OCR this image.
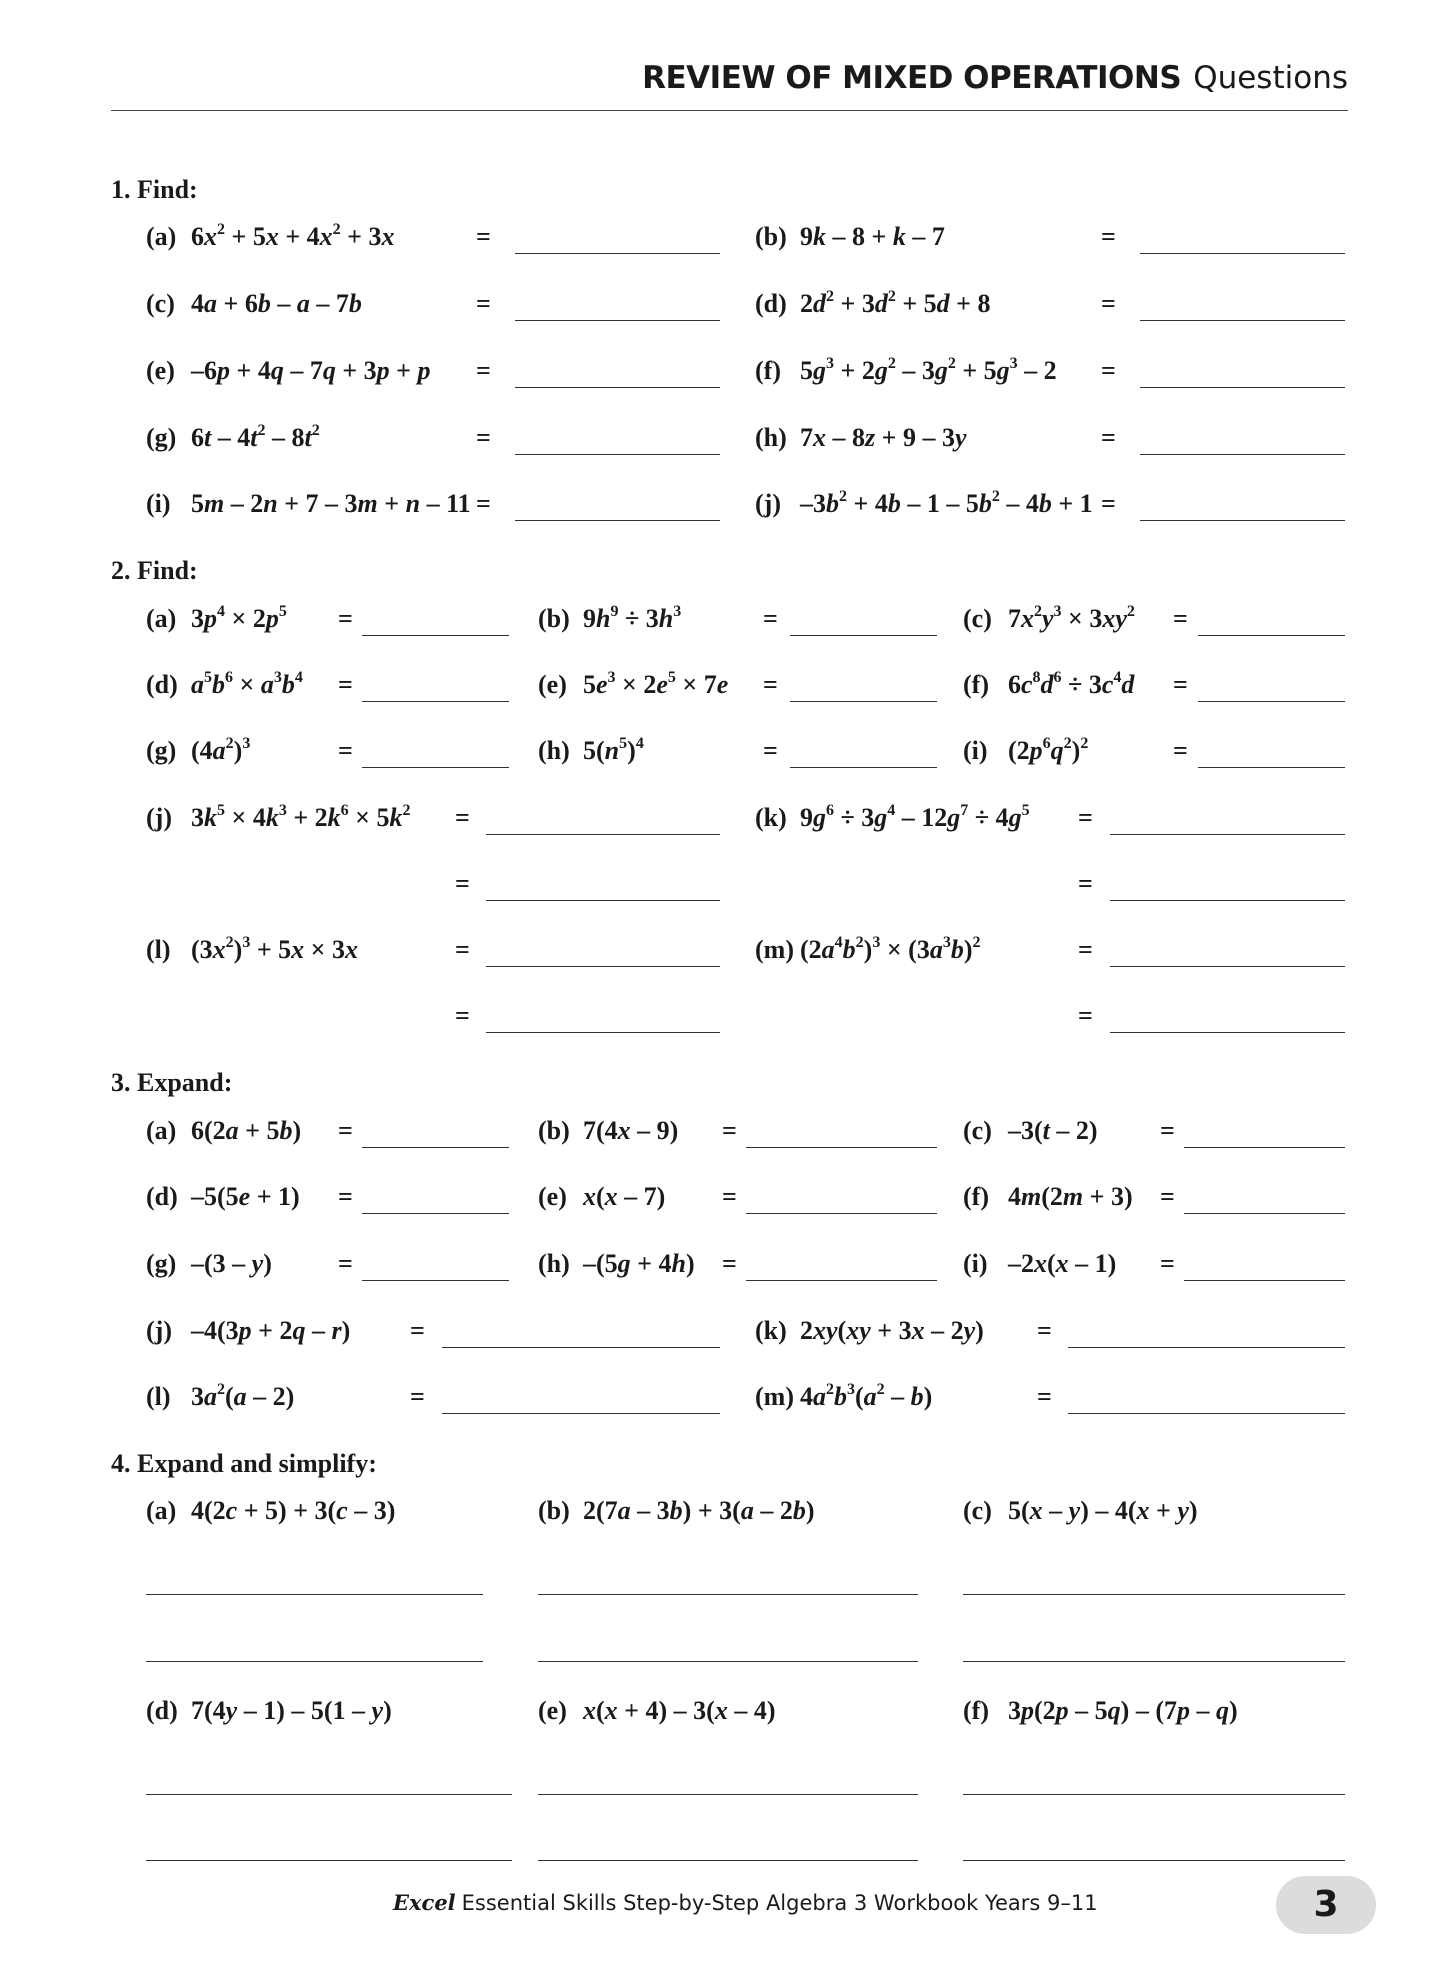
REVIEW OF MIXED OPERATIONS Questions
1. Find:
(a) $6x^2 + 5x + 4x^2 + 3x$	=	(b) 9k – 8 + k – 7	=
(c) 4a + 6b – a – 7b	=	(d) $2d^2 + 3d^2 + 5d + 8$	=
(e) –6p + 4q – 7q + 3p + p =	(f) $5g^3 + 2g^2 - 3g^2 + 5g^3 - 2$ =
(g) $6t - 4t^2 - 8t^2$	=	(h) 7x – 8z + 9 – 3y	=
(i) 5m – 2n + 7 – 3m + n – 11 =	(j) $-3b^2 + 4b - 1 - 5b^2 - 4b + 1$ =
2. Find:
(a) $3p^4 \times 2p^5$ =	(b) $9h^9 \div 3h^3$	=	(c) $7x^2y^3 \times 3xy^2$ =
(d) $a^5b^6 \times a^3b^4$ =	(e) $5e^3 \times 2e^5 \times 7e$ =	(f) $6c^8d^6 \div 3c^4d$ =
(g) $(4a^2)^3$	=	(h) $5(n^5)^4$	=	(i) $(2p^6q^2)^2$	=
(j) $3k^5 \times 4k^3 + 2k^6 \times 5k^2$ =	(k) $9g^6 \div 3g^4 - 12g^7 \div 4g^5$ =
=	=
(l) $(3x^2)^3 + 5x \times 3x$	=	(m) $(2a^4b^2)^3 \times (3a^3b)^2$	=
=	=
3. Expand:
(a) 6(2a + 5b) =	(b) 7(4x – 9) =	(c) –3(t – 2) =
(d) –5(5e + 1) =	(e) x(x – 7) =	(f) 4m(2m + 3) =
(g) –(3 – y)	=	(h) –(5g + 4h) =	(i) –2x(x – 1) =
(j) –4(3p + 2q – r) =	(k) 2xy(xy + 3x – 2y) =
(l) $3a^2(a - 2)$	=	(m) $4a^2b^3(a^2 - b)$	=
4. Expand and simplify:
(a) 4(2c + 5) + 3(c – 3)	(b) 2(7a – 3b) + 3(a – 2b)	(c) 5(x – y) – 4(x + y)
(d) 7(4y – 1) – 5(1 – y)	(e) x(x + 4) – 3(x – 4)	(f) 3p(2p – 5q) – (7p – q)
Excel Essential Skills Step-by-Step Algebra 3 Workbook Years 9–11	3
